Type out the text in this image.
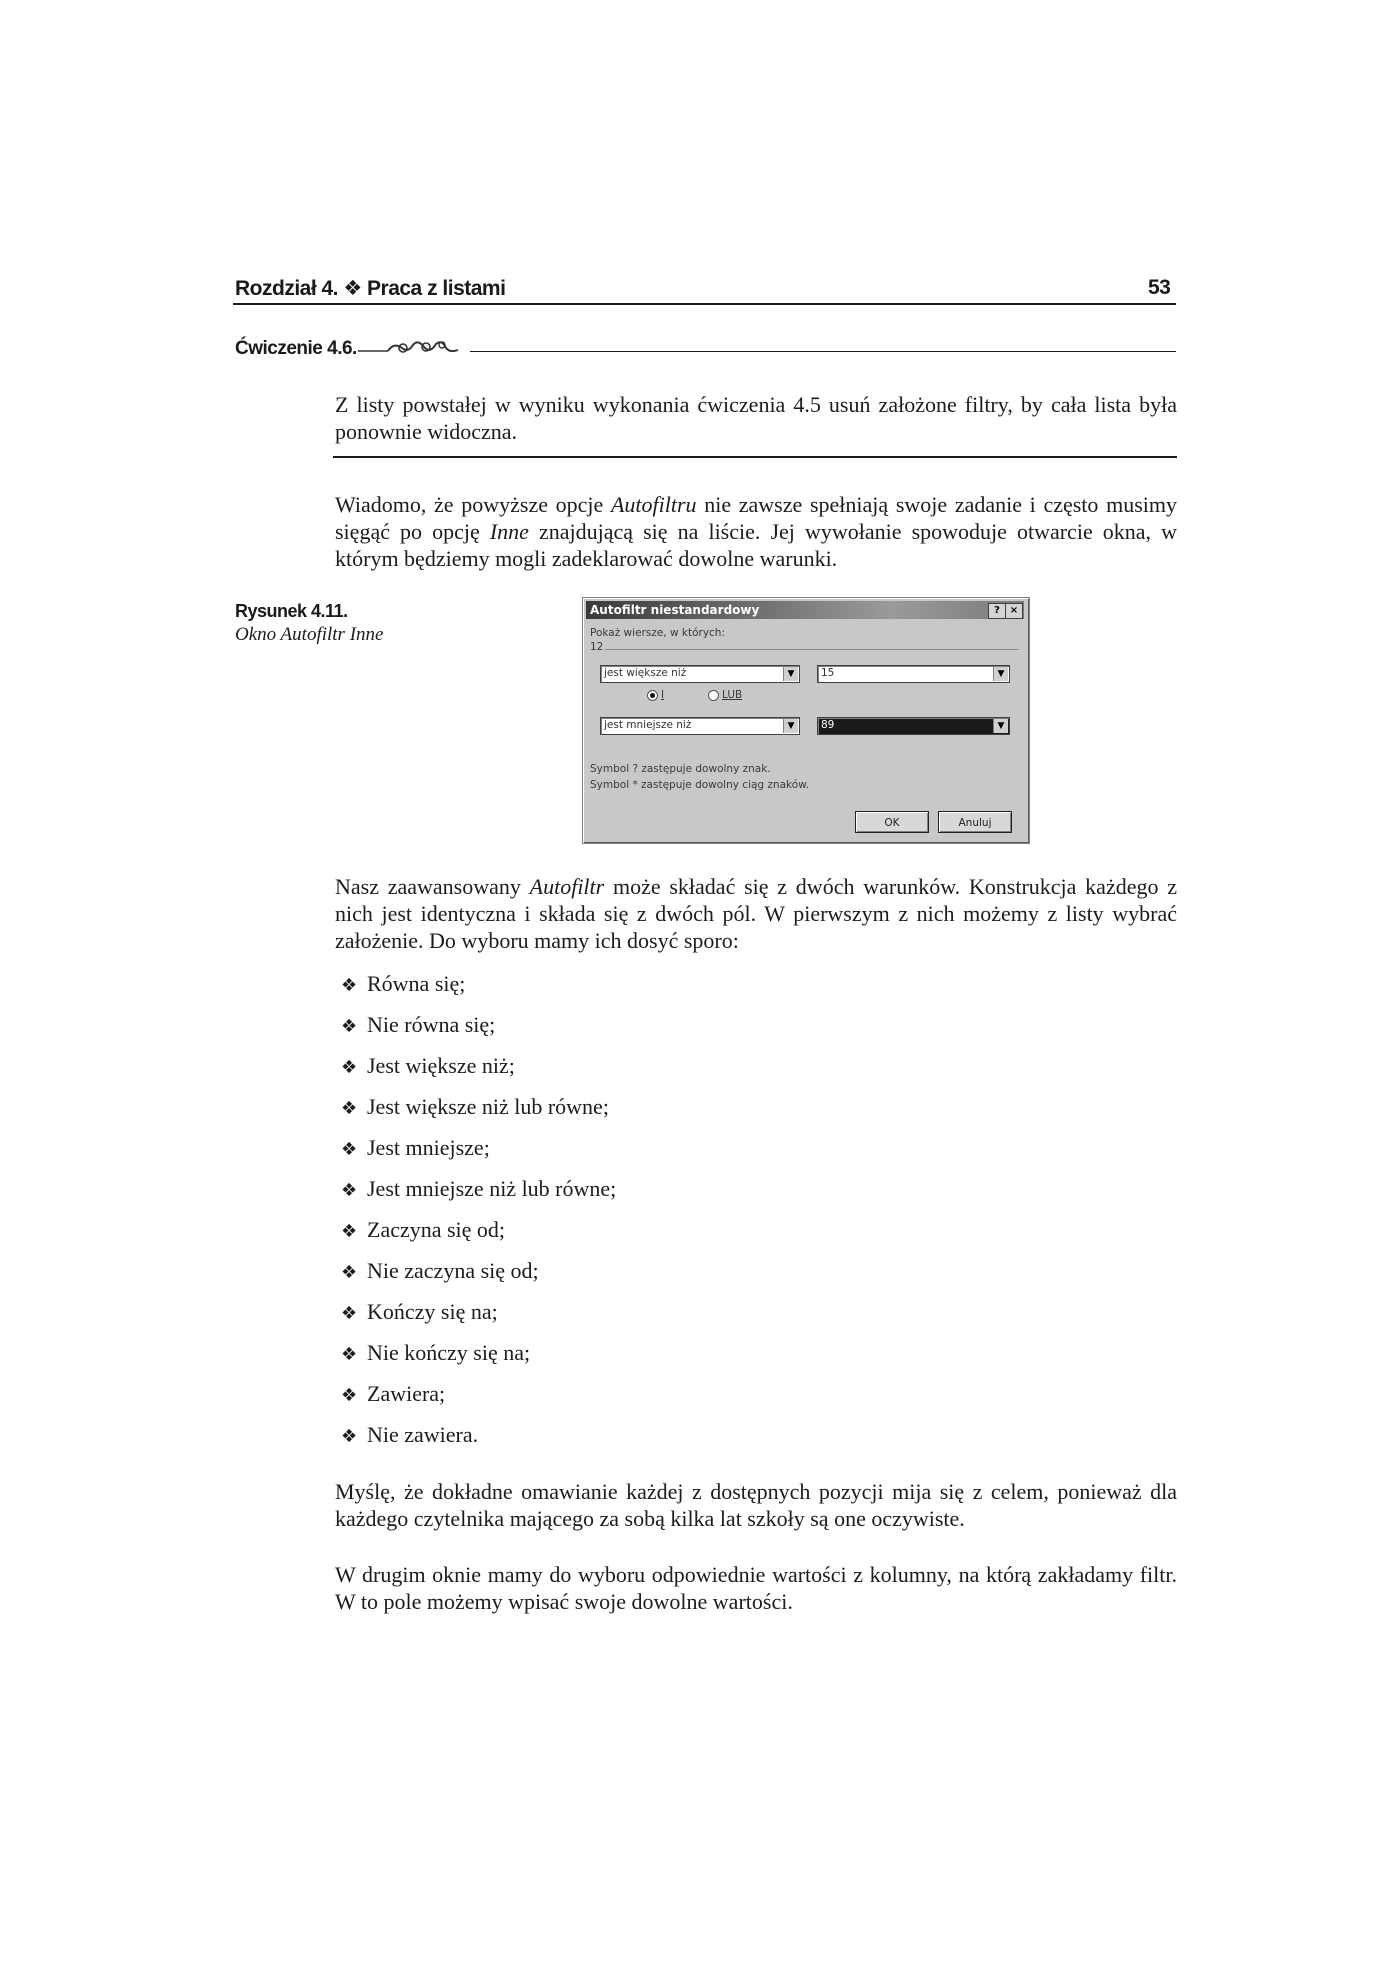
Rozdział 4. ❖ Praca z listami	53
Ćwiczenie 4.6.
Z listy powstałej w wyniku wykonania ćwiczenia 4.5 usuń założone filtry, by cała lista była ponownie widoczna.
Wiadomo, że powyższe opcje Autofiltru nie zawsze spełniają swoje zadanie i często musimy sięgąć po opcję Inne znajdującą się na liście. Jej wywołanie spowoduje otwarcie okna, w którym będziemy mogli zadeklarować dowolne warunki.
Rysunek 4.11.
Okno Autofiltr Inne
Autofiltr niestandardowy	? ×
Pokaż wiersze, w których:
12
jest większe niż	▼	15	▼
I	LUB
jest mniejsze niż	▼	89	▼
Symbol ? zastępuje dowolny znak.
Symbol * zastępuje dowolny ciąg znaków.
OK	Anuluj
Nasz zaawansowany Autofiltr może składać się z dwóch warunków. Konstrukcja każdego z nich jest identyczna i składa się z dwóch pól. W pierwszym z nich możemy z listy wybrać założenie. Do wyboru mamy ich dosyć sporo:
❖ Równa się;
❖ Nie równa się;
❖ Jest większe niż;
❖ Jest większe niż lub równe;
❖ Jest mniejsze;
❖ Jest mniejsze niż lub równe;
❖ Zaczyna się od;
❖ Nie zaczyna się od;
❖ Kończy się na;
❖ Nie kończy się na;
❖ Zawiera;
❖ Nie zawiera.
Myślę, że dokładne omawianie każdej z dostępnych pozycji mija się z celem, ponieważ dla każdego czytelnika mającego za sobą kilka lat szkoły są one oczywiste.
W drugim oknie mamy do wyboru odpowiednie wartości z kolumny, na którą zakładamy filtr. W to pole możemy wpisać swoje dowolne wartości.
